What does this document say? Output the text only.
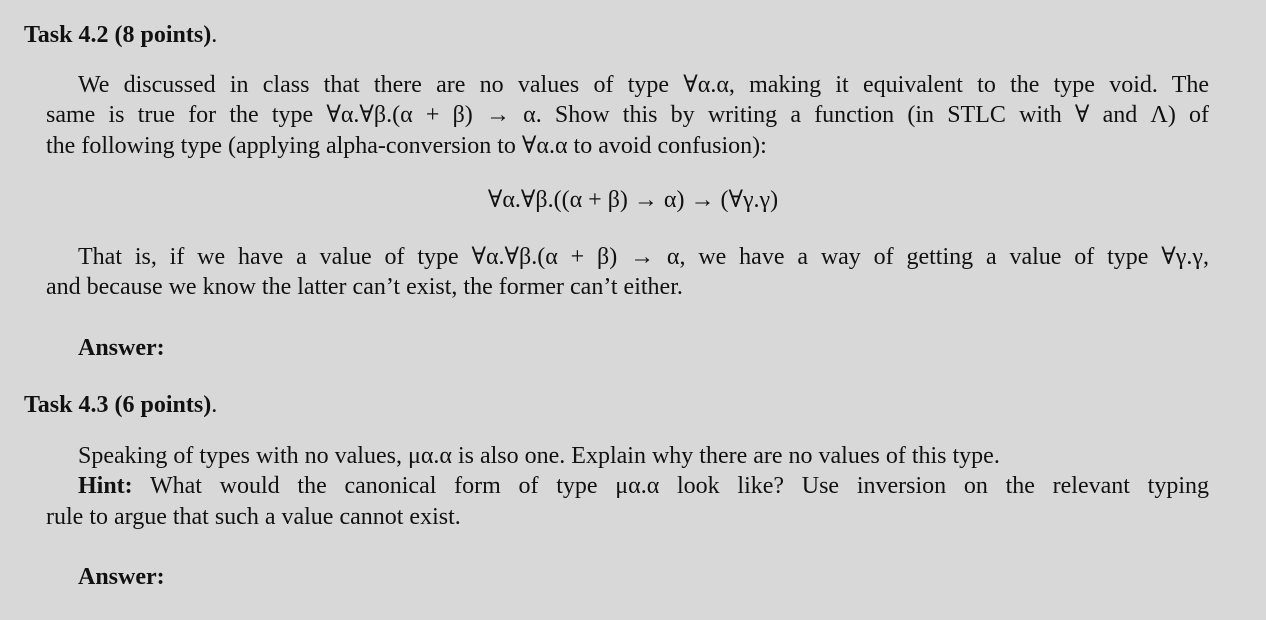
Task 4.2 (8 points).
We discussed in class that there are no values of type ∀α.α, making it equivalent to the type void. The
same is true for the type ∀α.∀β.(α + β) → α. Show this by writing a function (in STLC with ∀ and Λ) of
the following type (applying alpha-conversion to ∀α.α to avoid confusion):
∀α.∀β.((α + β) → α) → (∀γ.γ)
That is, if we have a value of type ∀α.∀β.(α + β) → α, we have a way of getting a value of type ∀γ.γ,
and because we know the latter can’t exist, the former can’t either.
Answer:
Task 4.3 (6 points).
Speaking of types with no values, μα.α is also one. Explain why there are no values of this type.
Hint: What would the canonical form of type μα.α look like? Use inversion on the relevant typing
rule to argue that such a value cannot exist.
Answer:
